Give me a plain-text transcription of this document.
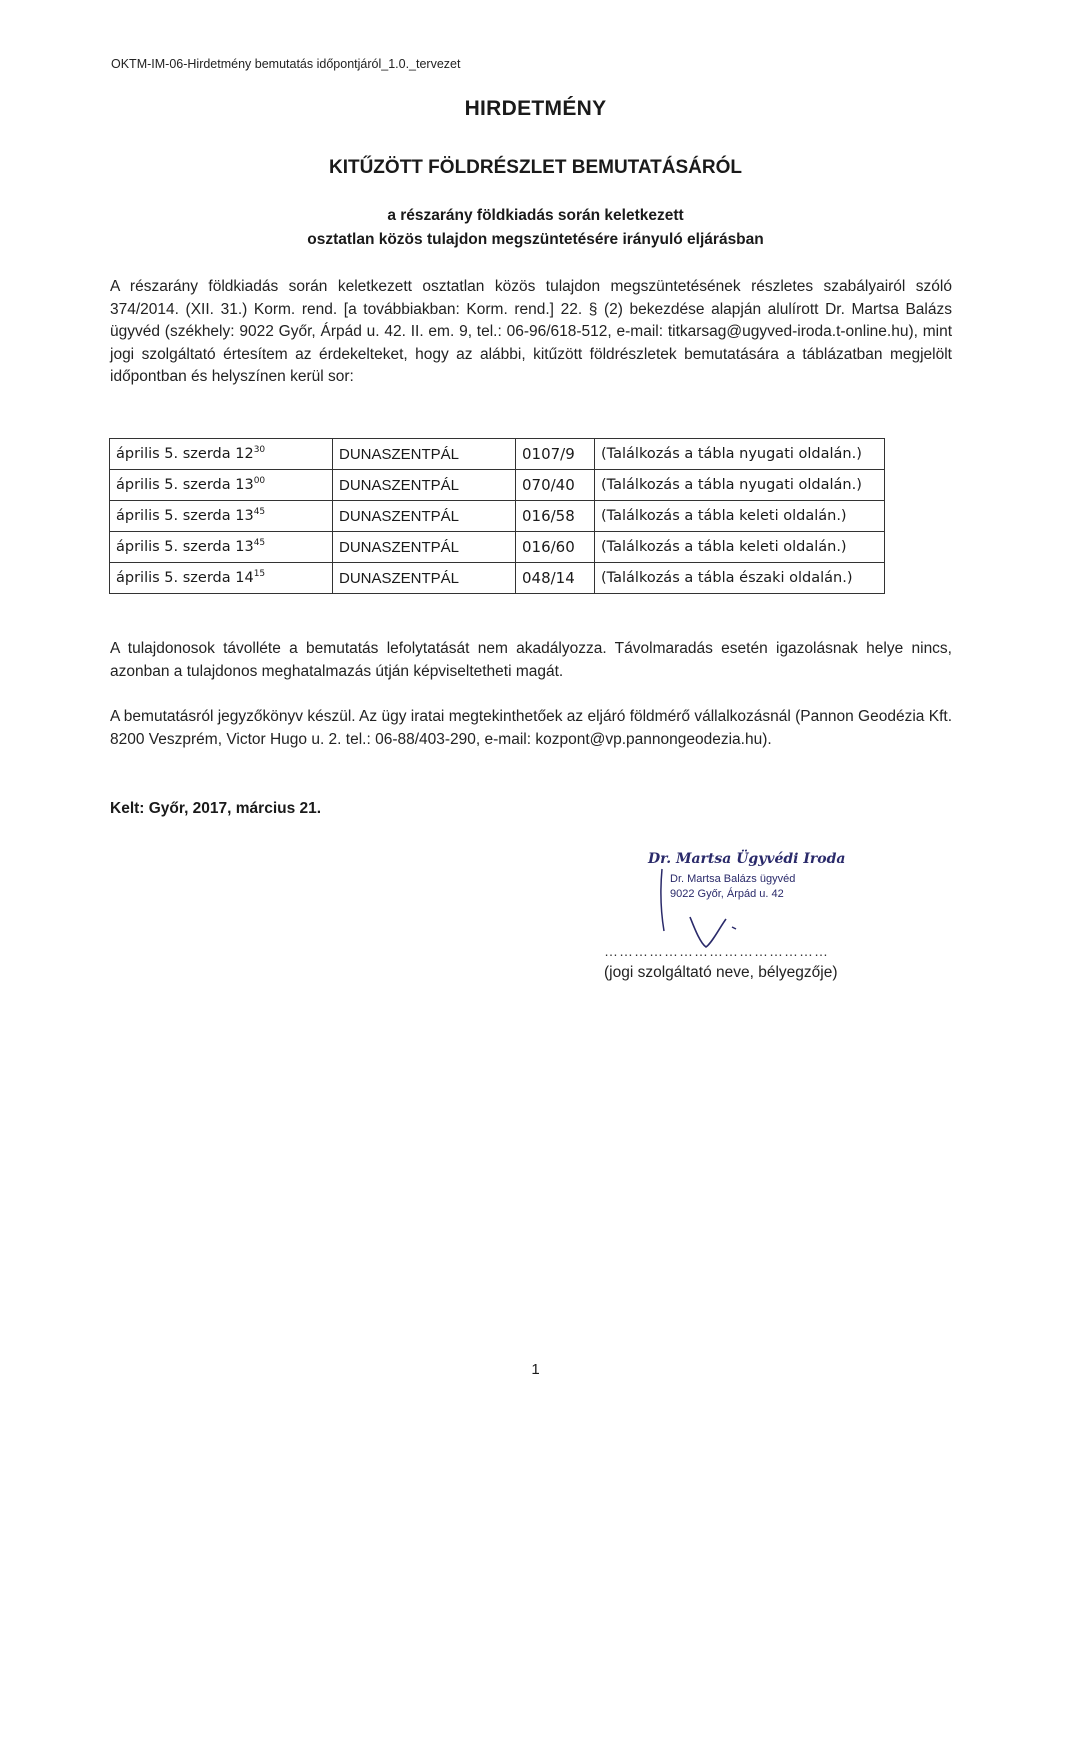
OKTM-IM-06-Hirdetmény bemutatás időpontjáról_1.0._tervezet
HIRDETMÉNY
KITŰZÖTT FÖLDRÉSZLET BEMUTATÁSÁRÓL
a részarány földkiadás során keletkezett
osztatlan közös tulajdon megszüntetésére irányuló eljárásban
A részarány földkiadás során keletkezett osztatlan közös tulajdon megszüntetésének részletes szabályairól szóló 374/2014. (XII. 31.) Korm. rend. [a továbbiakban: Korm. rend.] 22. § (2) bekezdése alapján alulírott Dr. Martsa Balázs ügyvéd (székhely: 9022 Győr, Árpád u. 42. II. em. 9, tel.: 06-96/618-512, e-mail: titkarsag@ugyved-iroda.t-online.hu), mint jogi szolgáltató értesítem az érdekelteket, hogy az alábbi, kitűzött földrészletek bemutatására a táblázatban megjelölt időpontban és helyszínen kerül sor:
április 5. szerda $12^{30}$	DUNASZENTPÁL	0107/9	(Találkozás a tábla nyugati oldalán.)
április 5. szerda $13^{00}$	DUNASZENTPÁL	070/40	(Találkozás a tábla nyugati oldalán.)
április 5. szerda $13^{45}$	DUNASZENTPÁL	016/58	(Találkozás a tábla keleti oldalán.)
április 5. szerda $13^{45}$	DUNASZENTPÁL	016/60	(Találkozás a tábla keleti oldalán.)
április 5. szerda $14^{15}$	DUNASZENTPÁL	048/14	(Találkozás a tábla északi oldalán.)
A tulajdonosok távolléte a bemutatás lefolytatását nem akadályozza. Távolmaradás esetén igazolásnak helye nincs, azonban a tulajdonos meghatalmazás útján képviseltetheti magát.
A bemutatásról jegyzőkönyv készül. Az ügy iratai megtekinthetőek az eljáró földmérő vállalkozásnál (Pannon Geodézia Kft. 8200 Veszprém, Victor Hugo u. 2. tel.: 06-88/403-290, e-mail: kozpont@vp.pannongeodezia.hu).
Kelt: Győr, 2017, március 21.
Dr. Martsa Ügyvédi Iroda
Dr. Martsa Balázs ügyvéd
9022 Győr, Árpád u. 42
………………………………………
(jogi szolgáltató neve, bélyegzője)
1
